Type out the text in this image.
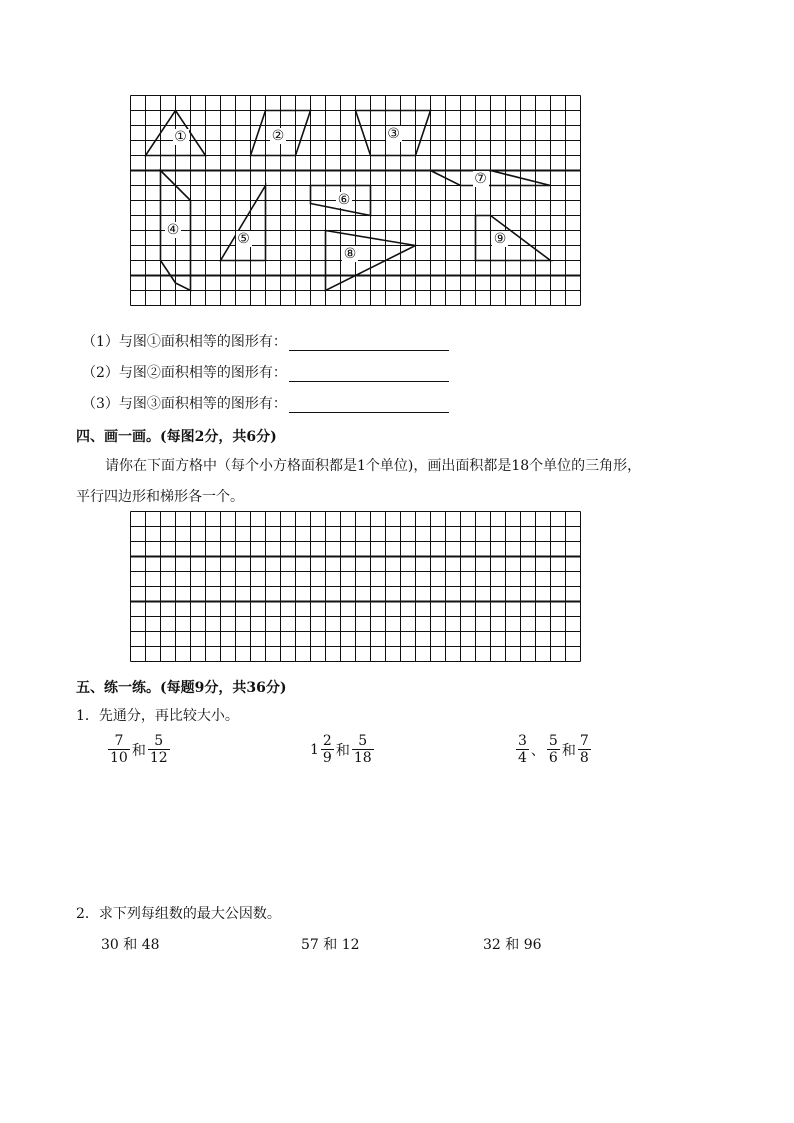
①	②	③
④
⑤
⑥
⑦
⑧
⑨
（1）与图①面积相等的图形有：
（2）与图②面积相等的图形有：
（3）与图③面积相等的图形有：
四、画一画。(每图2分，共6分)
请你在下面方格中（每个小方格面积都是1个单位)，画出面积都是18个单位的三角形，
平行四边形和梯形各一个。
五、练一练。(每题9分，共36分)
1．先通分，再比较大小。
$\frac{7}{10}$ 和 $\frac{5}{12}$	$1 \frac{2}{9}$ 和 $\frac{5}{18}$	$\frac{3}{4}$ 、 $\frac{5}{6}$ 和 $\frac{7}{8}$
2．求下列每组数的最大公因数。
30 和 48	57 和 12	32 和 96
